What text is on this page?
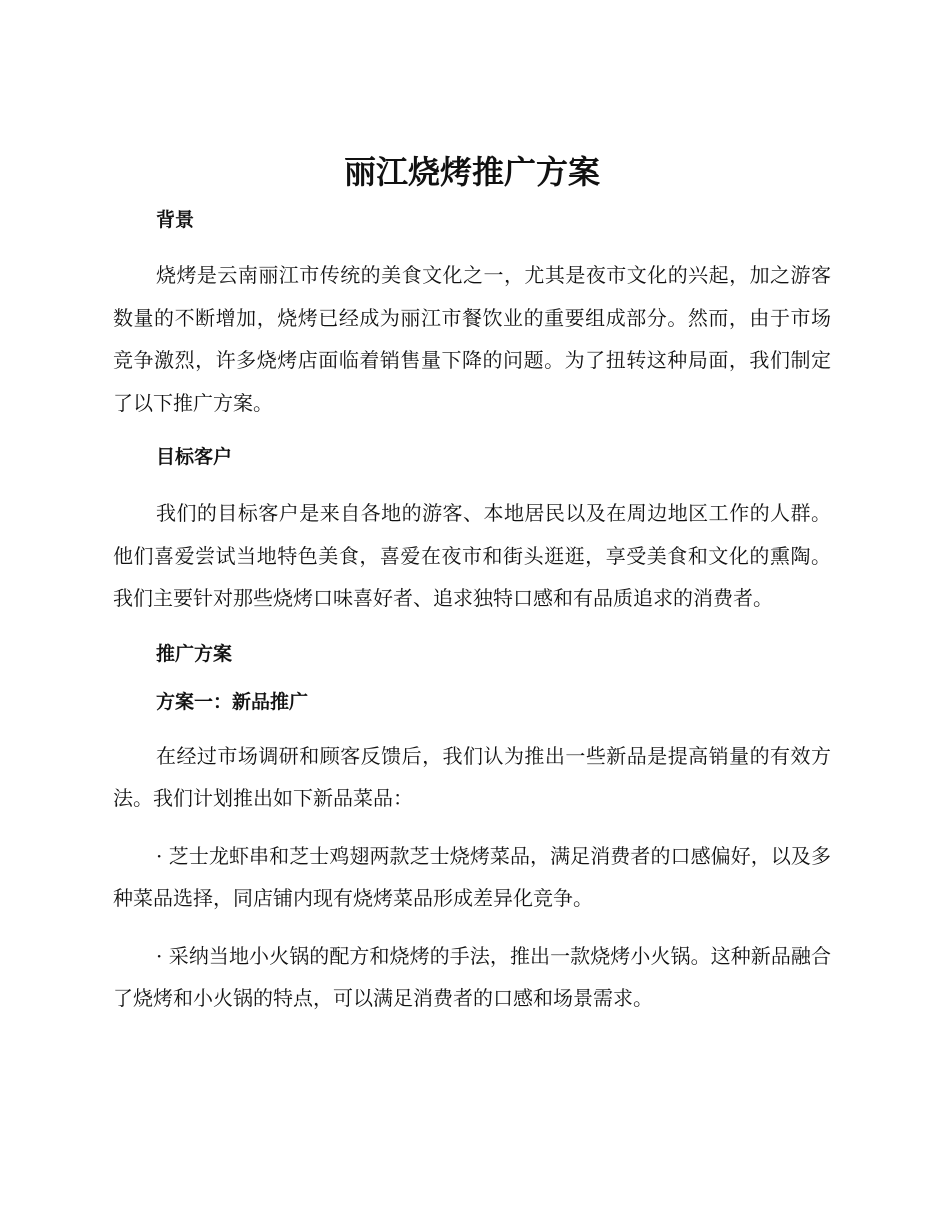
丽江烧烤推广方案
背景

烧烤是云南丽江市传统的美食文化之一，尤其是夜市文化的兴起，加之游客数量的不断增加，烧烤已经成为丽江市餐饮业的重要组成部分。然而，由于市场竞争激烈，许多烧烤店面临着销售量下降的问题。为了扭转这种局面，我们制定了以下推广方案。

目标客户

我们的目标客户是来自各地的游客、本地居民以及在周边地区工作的人群。他们喜爱尝试当地特色美食，喜爱在夜市和街头逛逛，享受美食和文化的熏陶。我们主要针对那些烧烤口味喜好者、追求独特口感和有品质追求的消费者。

推广方案
方案一：新品推广

在经过市场调研和顾客反馈后，我们认为推出一些新品是提高销量的有效方法。我们计划推出如下新品菜品：

· 芝士龙虾串和芝士鸡翅两款芝士烧烤菜品，满足消费者的口感偏好，以及多种菜品选择，同店铺内现有烧烤菜品形成差异化竞争。

· 采纳当地小火锅的配方和烧烤的手法，推出一款烧烤小火锅。这种新品融合了烧烤和小火锅的特点，可以满足消费者的口感和场景需求。
